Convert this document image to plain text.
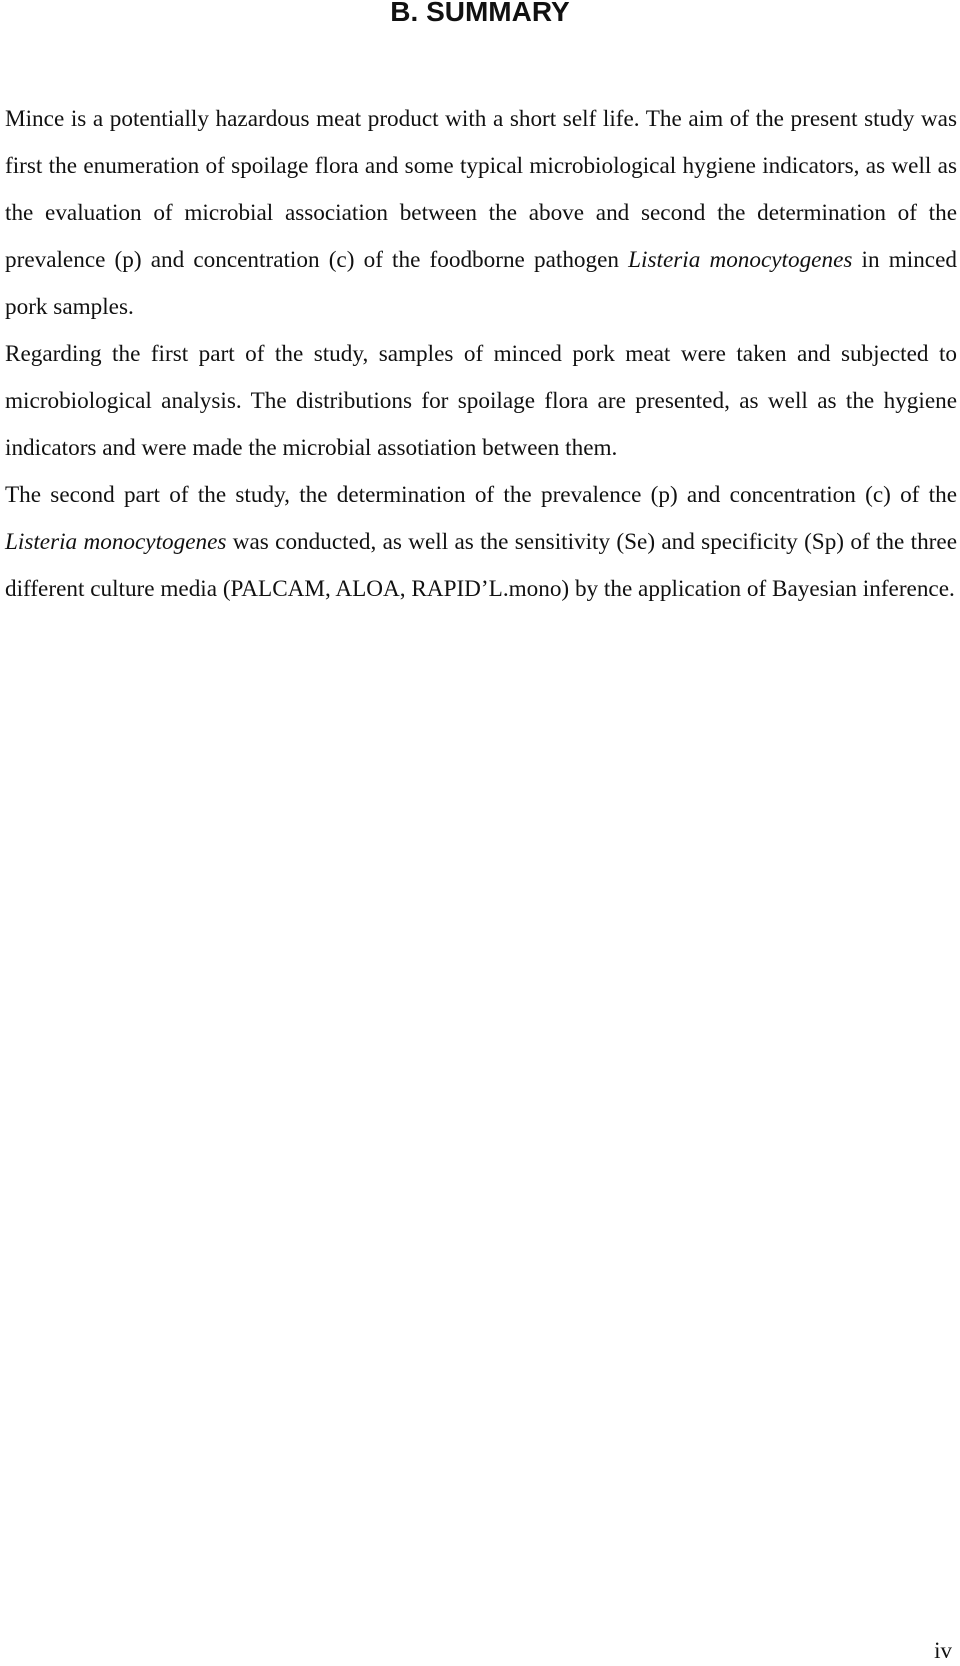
B. SUMMARY

Mince is a potentially hazardous meat product with a short self life. The aim of the present study was first the enumeration of spoilage flora and some typical microbiological hygiene indicators, as well as the evaluation of microbial association between the above and second the determination of the prevalence (p) and concentration (c) of the foodborne pathogen Listeria monocytogenes in minced pork samples.

Regarding the first part of the study, samples of minced pork meat were taken and subjected to microbiological analysis. The distributions for spoilage flora are presented, as well as the hygiene indicators and were made the microbial assotiation between them.

The second part of the study, the determination of the prevalence (p) and concentration (c) of the Listeria monocytogenes was conducted, as well as the sensitivity (Se) and specificity (Sp) of the three different culture media (PALCAM, ALOA, RAPID’L.mono) by the application of Bayesian inference.

iv
